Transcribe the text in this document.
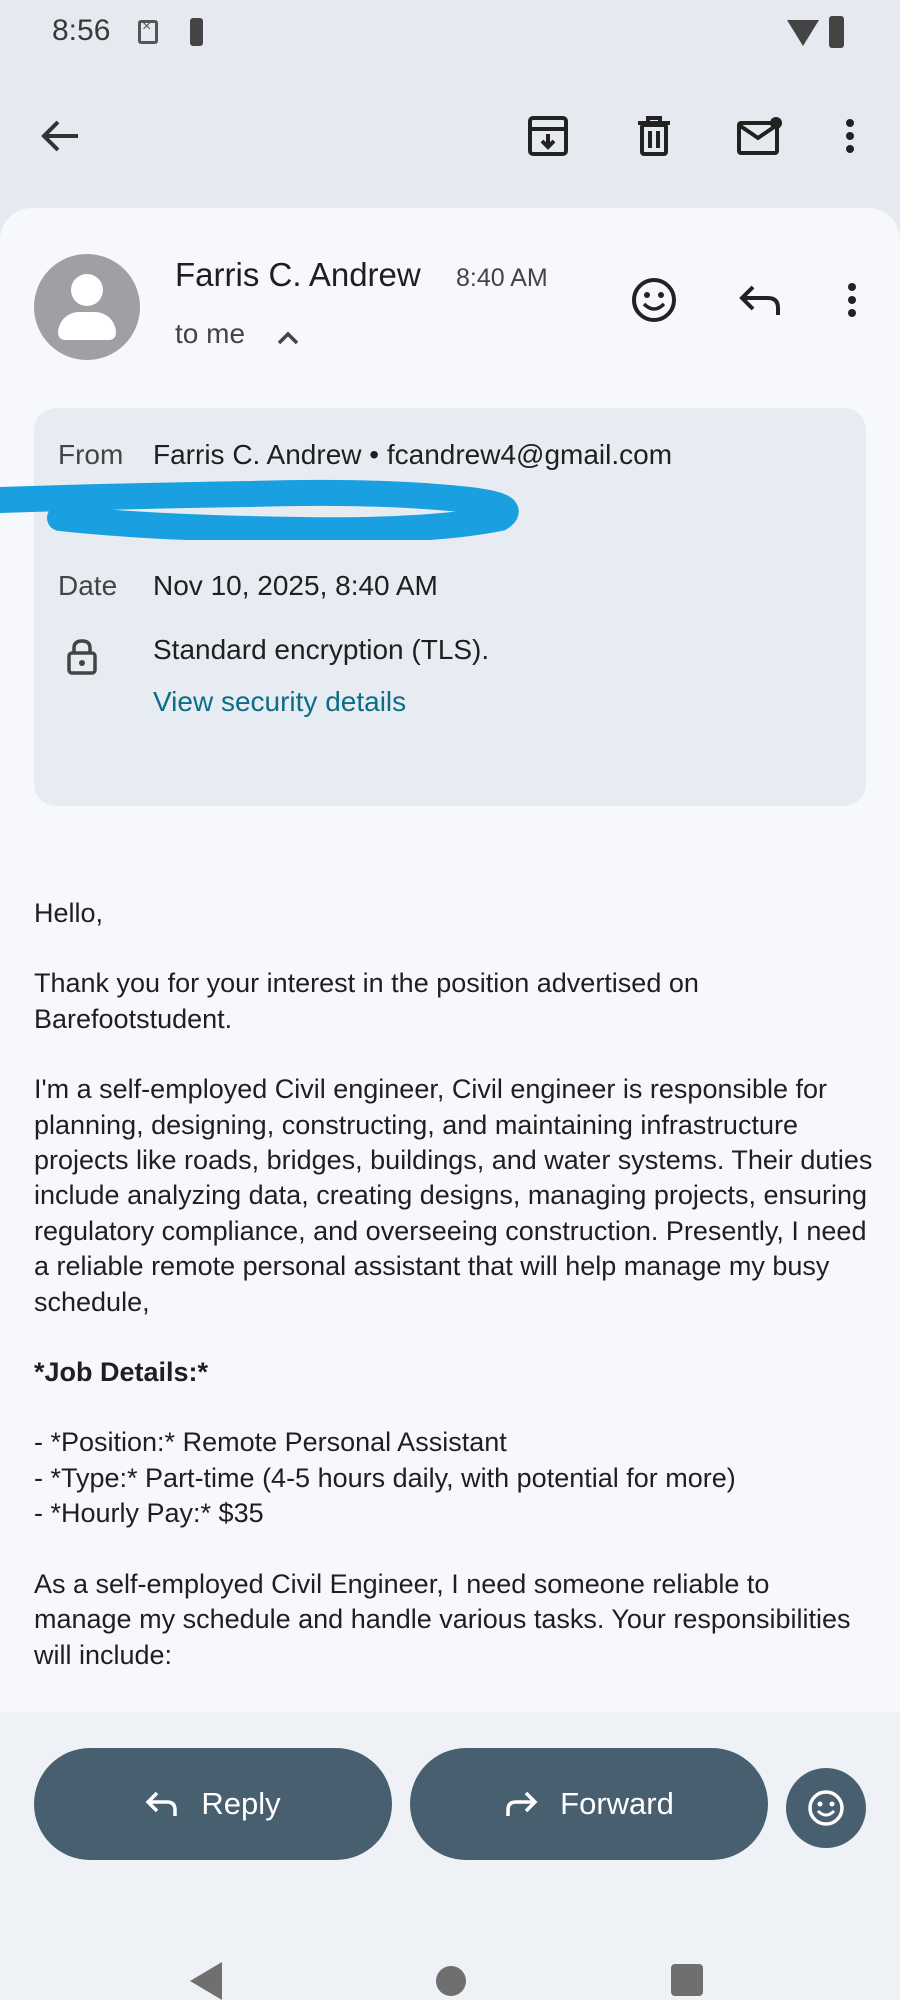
8:56
×
Farris C. Andrew 8:40 AM
to me
From Farris C. Andrew • fcandrew4@gmail.com
Date Nov 10, 2025, 8:40 AM
Standard encryption (TLS).
View security details

Hello,

Thank you for your interest in the position advertised on Barefootstudent.

I'm a self-employed Civil engineer, Civil engineer is responsible for planning, designing, constructing, and maintaining infrastructure projects like roads, bridges, buildings, and water systems. Their duties include analyzing data, creating designs, managing projects, ensuring regulatory compliance, and overseeing construction. Presently, I need a reliable remote personal assistant that will help manage my busy schedule,

*Job Details:*

- *Position:* Remote Personal Assistant
- *Type:* Part-time (4-5 hours daily, with potential for more)
- *Hourly Pay:* $35

As a self-employed Civil Engineer, I need someone reliable to manage my schedule and handle various tasks. Your responsibilities will include:

Reply	Forward
